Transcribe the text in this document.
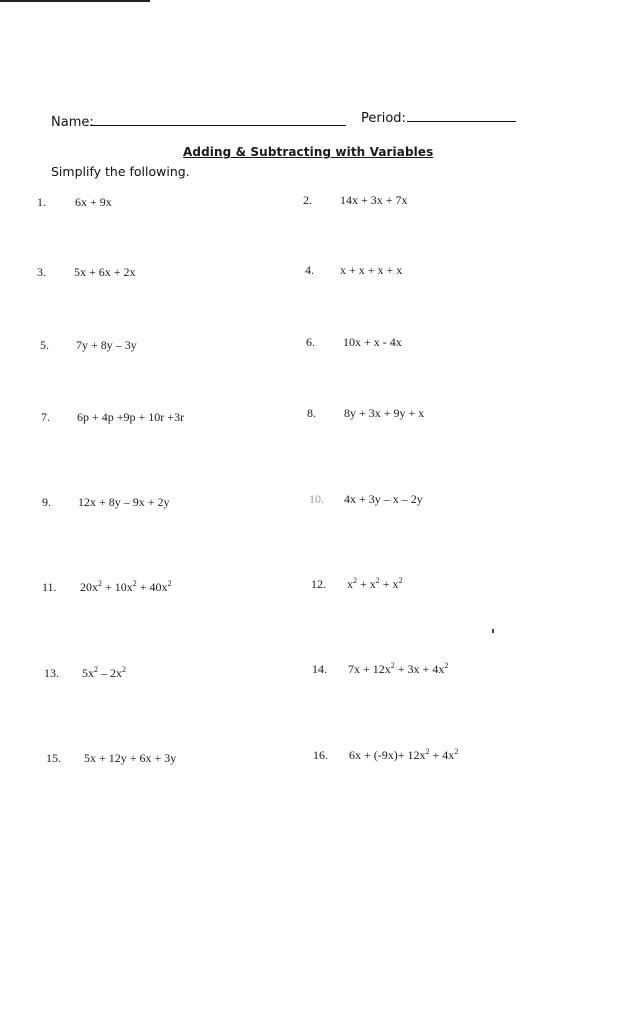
Name:	Period:
Adding & Subtracting with Variables
Simplify the following.
1. 6x + 9x
3. 5x + 6x + 2x
5. 7y + 8y – 3y
7. 6p + 4p +9p + 10r +3r
9. 12x + 8y – 9x + 2y
11. $20x^2 + 10x^2 + 40x^2$
13. $5x^2 - 2x^2$
15. 5x + 12y + 6x + 3y
2. 14x + 3x + 7x
4. x + x + x + x
6. 10x + x - 4x
8. 8y + 3x + 9y + x
10. 4x + 3y – x – 2y
12. $x^2 + x^2 + x^2$
14. $7x + 12x^2 + 3x + 4x^2$
16. $6x + (-9x)+ 12x^2 + 4x^2$
